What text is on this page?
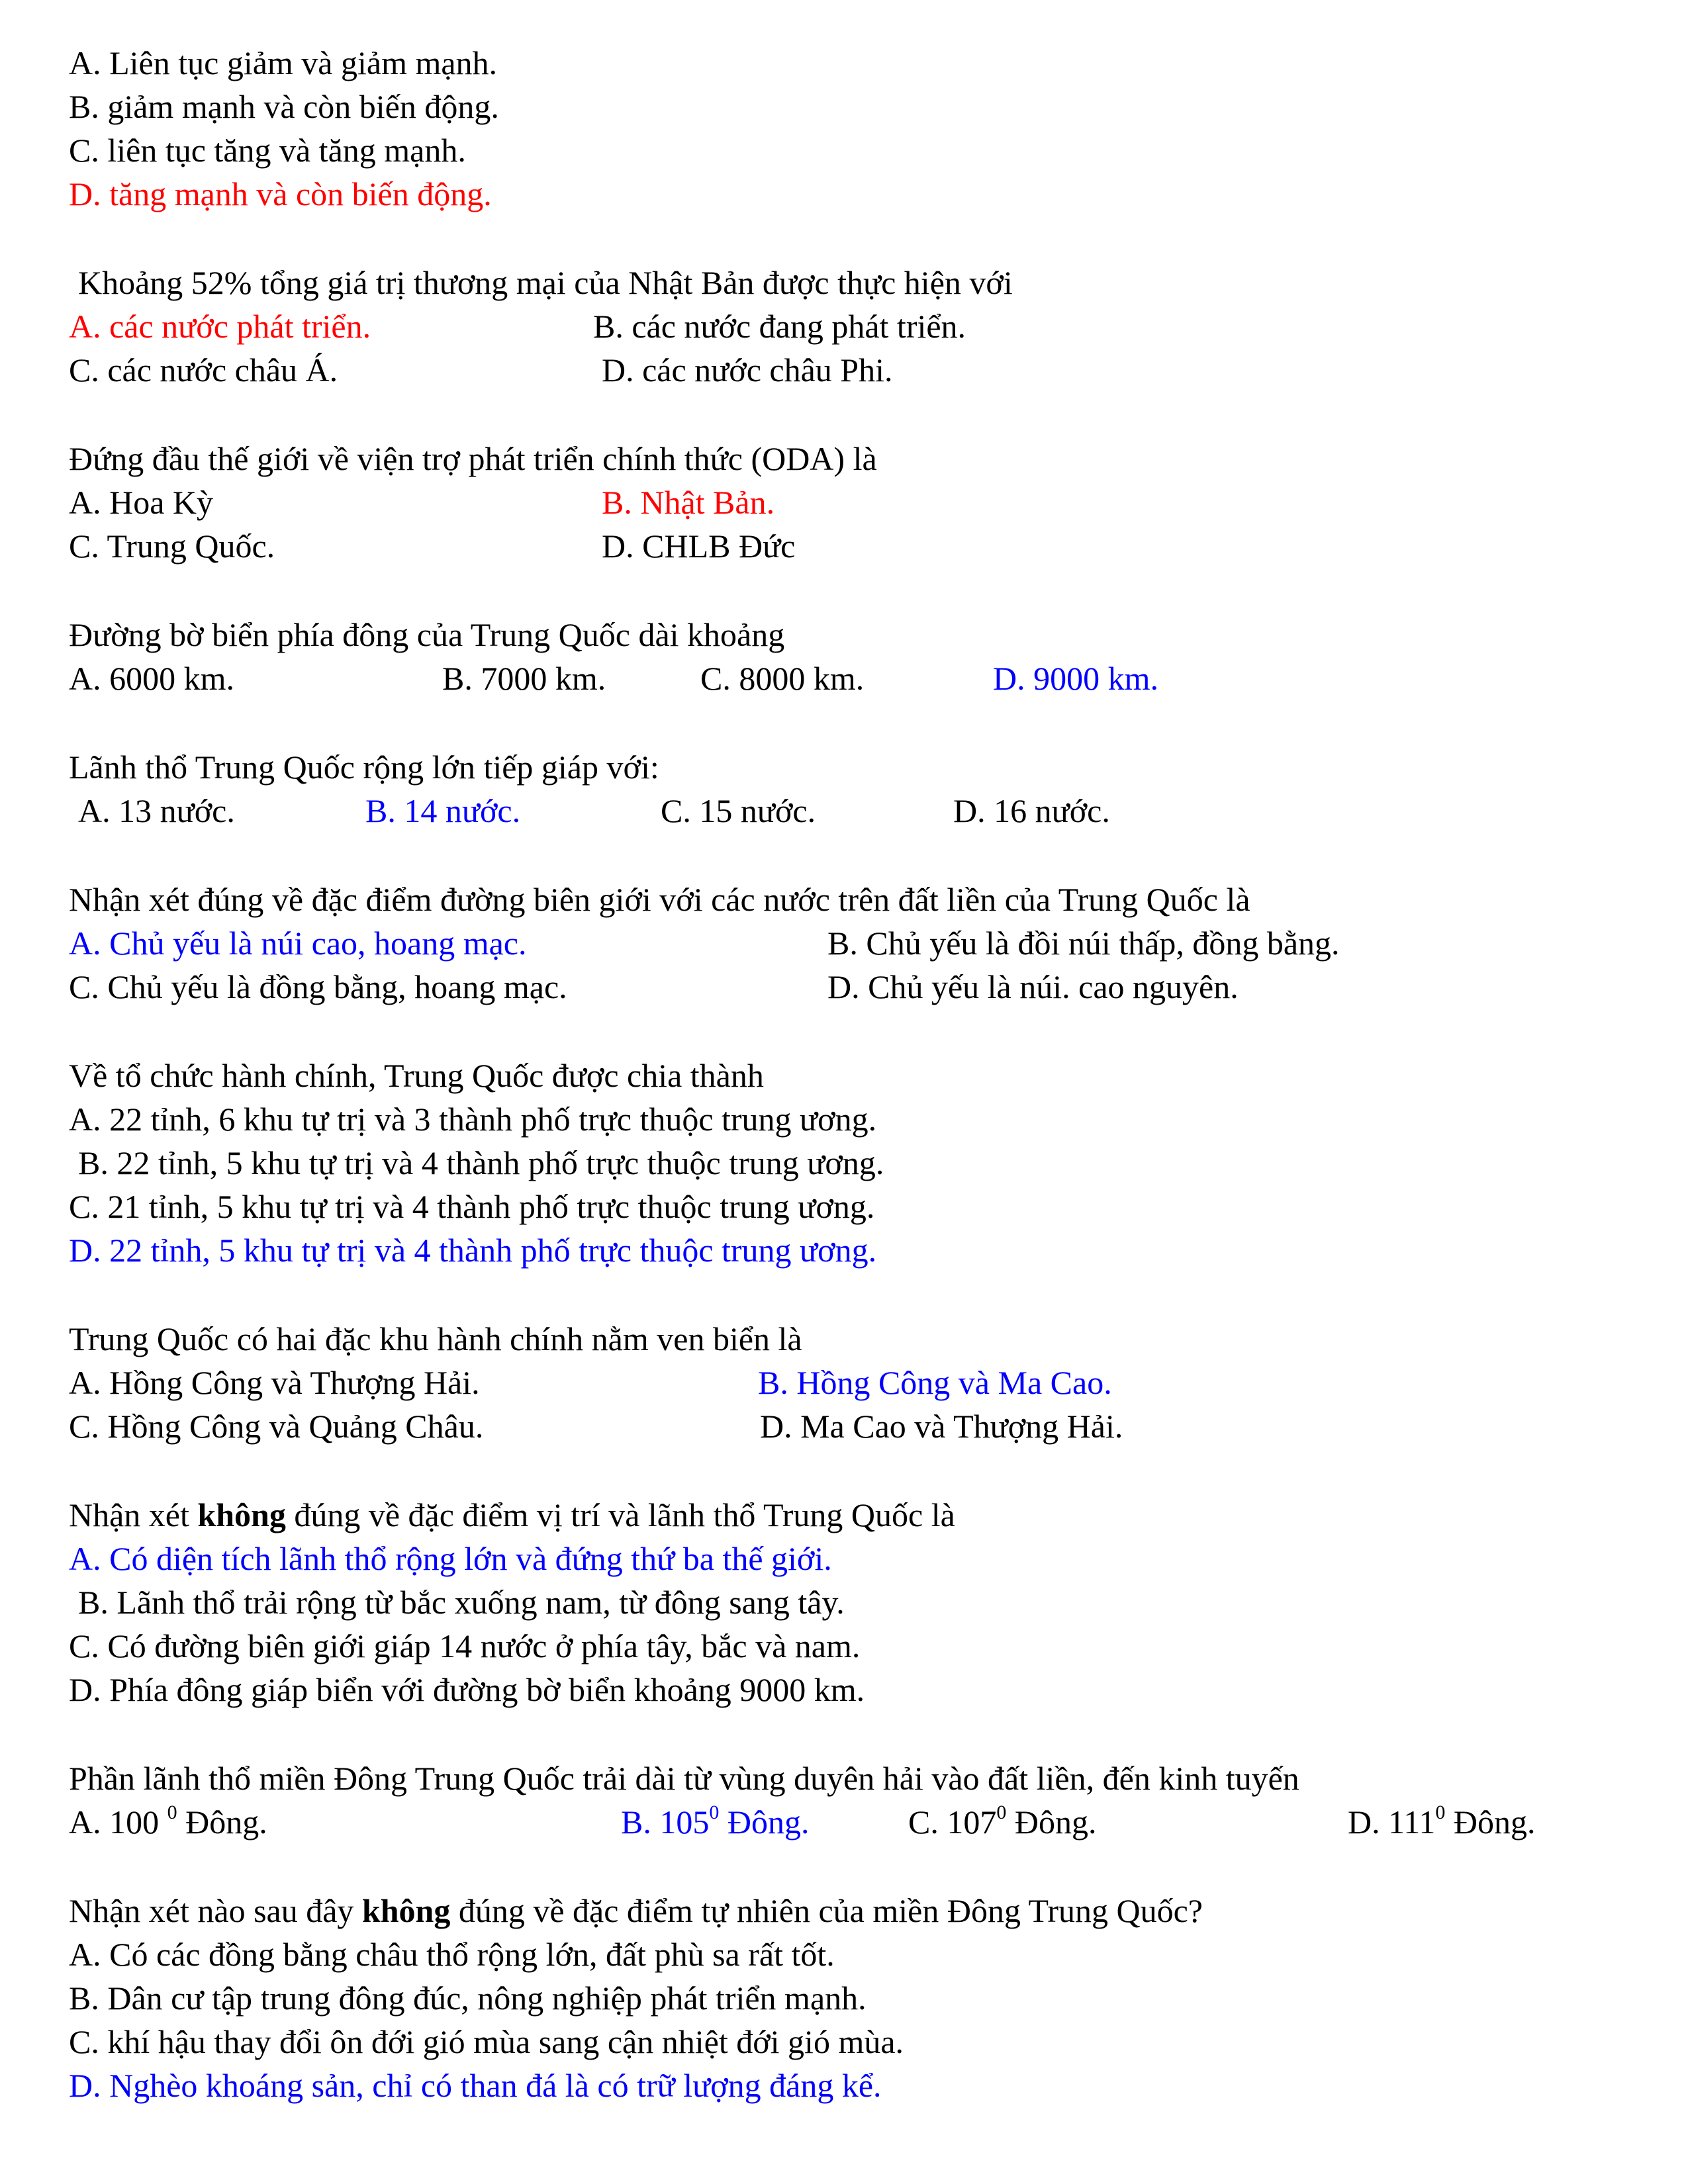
A. Liên tục giảm và giảm mạnh.
B. giảm mạnh và còn biến động.
C. liên tục tăng và tăng mạnh.
D. tăng mạnh và còn biến động.
Khoảng 52% tổng giá trị thương mại của Nhật Bản được thực hiện với
A. các nước phát triển.	B. các nước đang phát triển.
C. các nước châu Á.	D. các nước châu Phi.
Đứng đầu thế giới về viện trợ phát triển chính thức (ODA) là
A. Hoa Kỳ	B. Nhật Bản.
C. Trung Quốc.	D. CHLB Đức
Đường bờ biển phía đông của Trung Quốc dài khoảng
A. 6000 km.	B. 7000 km.	C. 8000 km.	D. 9000 km.
Lãnh thổ Trung Quốc rộng lớn tiếp giáp với:
A. 13 nước.	B. 14 nước.	C. 15 nước.	D. 16 nước.
Nhận xét đúng về đặc điểm đường biên giới với các nước trên đất liền của Trung Quốc là
A. Chủ yếu là núi cao, hoang mạc.	B. Chủ yếu là đồi núi thấp, đồng bằng.
C. Chủ yếu là đồng bằng, hoang mạc.	D. Chủ yếu là núi. cao nguyên.
Về tổ chức hành chính, Trung Quốc được chia thành
A. 22 tỉnh, 6 khu tự trị và 3 thành phố trực thuộc trung ương.
B. 22 tỉnh, 5 khu tự trị và 4 thành phố trực thuộc trung ương.
C. 21 tỉnh, 5 khu tự trị và 4 thành phố trực thuộc trung ương.
D. 22 tỉnh, 5 khu tự trị và 4 thành phố trực thuộc trung ương.
Trung Quốc có hai đặc khu hành chính nằm ven biển là
A. Hồng Công và Thượng Hải.	B. Hồng Công và Ma Cao.
C. Hồng Công và Quảng Châu.	D. Ma Cao và Thượng Hải.
Nhận xét không đúng về đặc điểm vị trí và lãnh thổ Trung Quốc là
A. Có diện tích lãnh thổ rộng lớn và đứng thứ ba thế giới.
B. Lãnh thổ trải rộng từ bắc xuống nam, từ đông sang tây.
C. Có đường biên giới giáp 14 nước ở phía tây, bắc và nam.
D. Phía đông giáp biển với đường bờ biển khoảng 9000 km.
Phần lãnh thổ miền Đông Trung Quốc trải dài từ vùng duyên hải vào đất liền, đến kinh tuyến
A. 100 $^0$ Đông.	B. $105^0$ Đông.	C. $107^0$ Đông.	D. $111^0$ Đông.
Nhận xét nào sau đây không đúng về đặc điểm tự nhiên của miền Đông Trung Quốc?
A. Có các đồng bằng châu thổ rộng lớn, đất phù sa rất tốt.
B. Dân cư tập trung đông đúc, nông nghiệp phát triển mạnh.
C. khí hậu thay đổi ôn đới gió mùa sang cận nhiệt đới gió mùa.
D. Nghèo khoáng sản, chỉ có than đá là có trữ lượng đáng kể.
